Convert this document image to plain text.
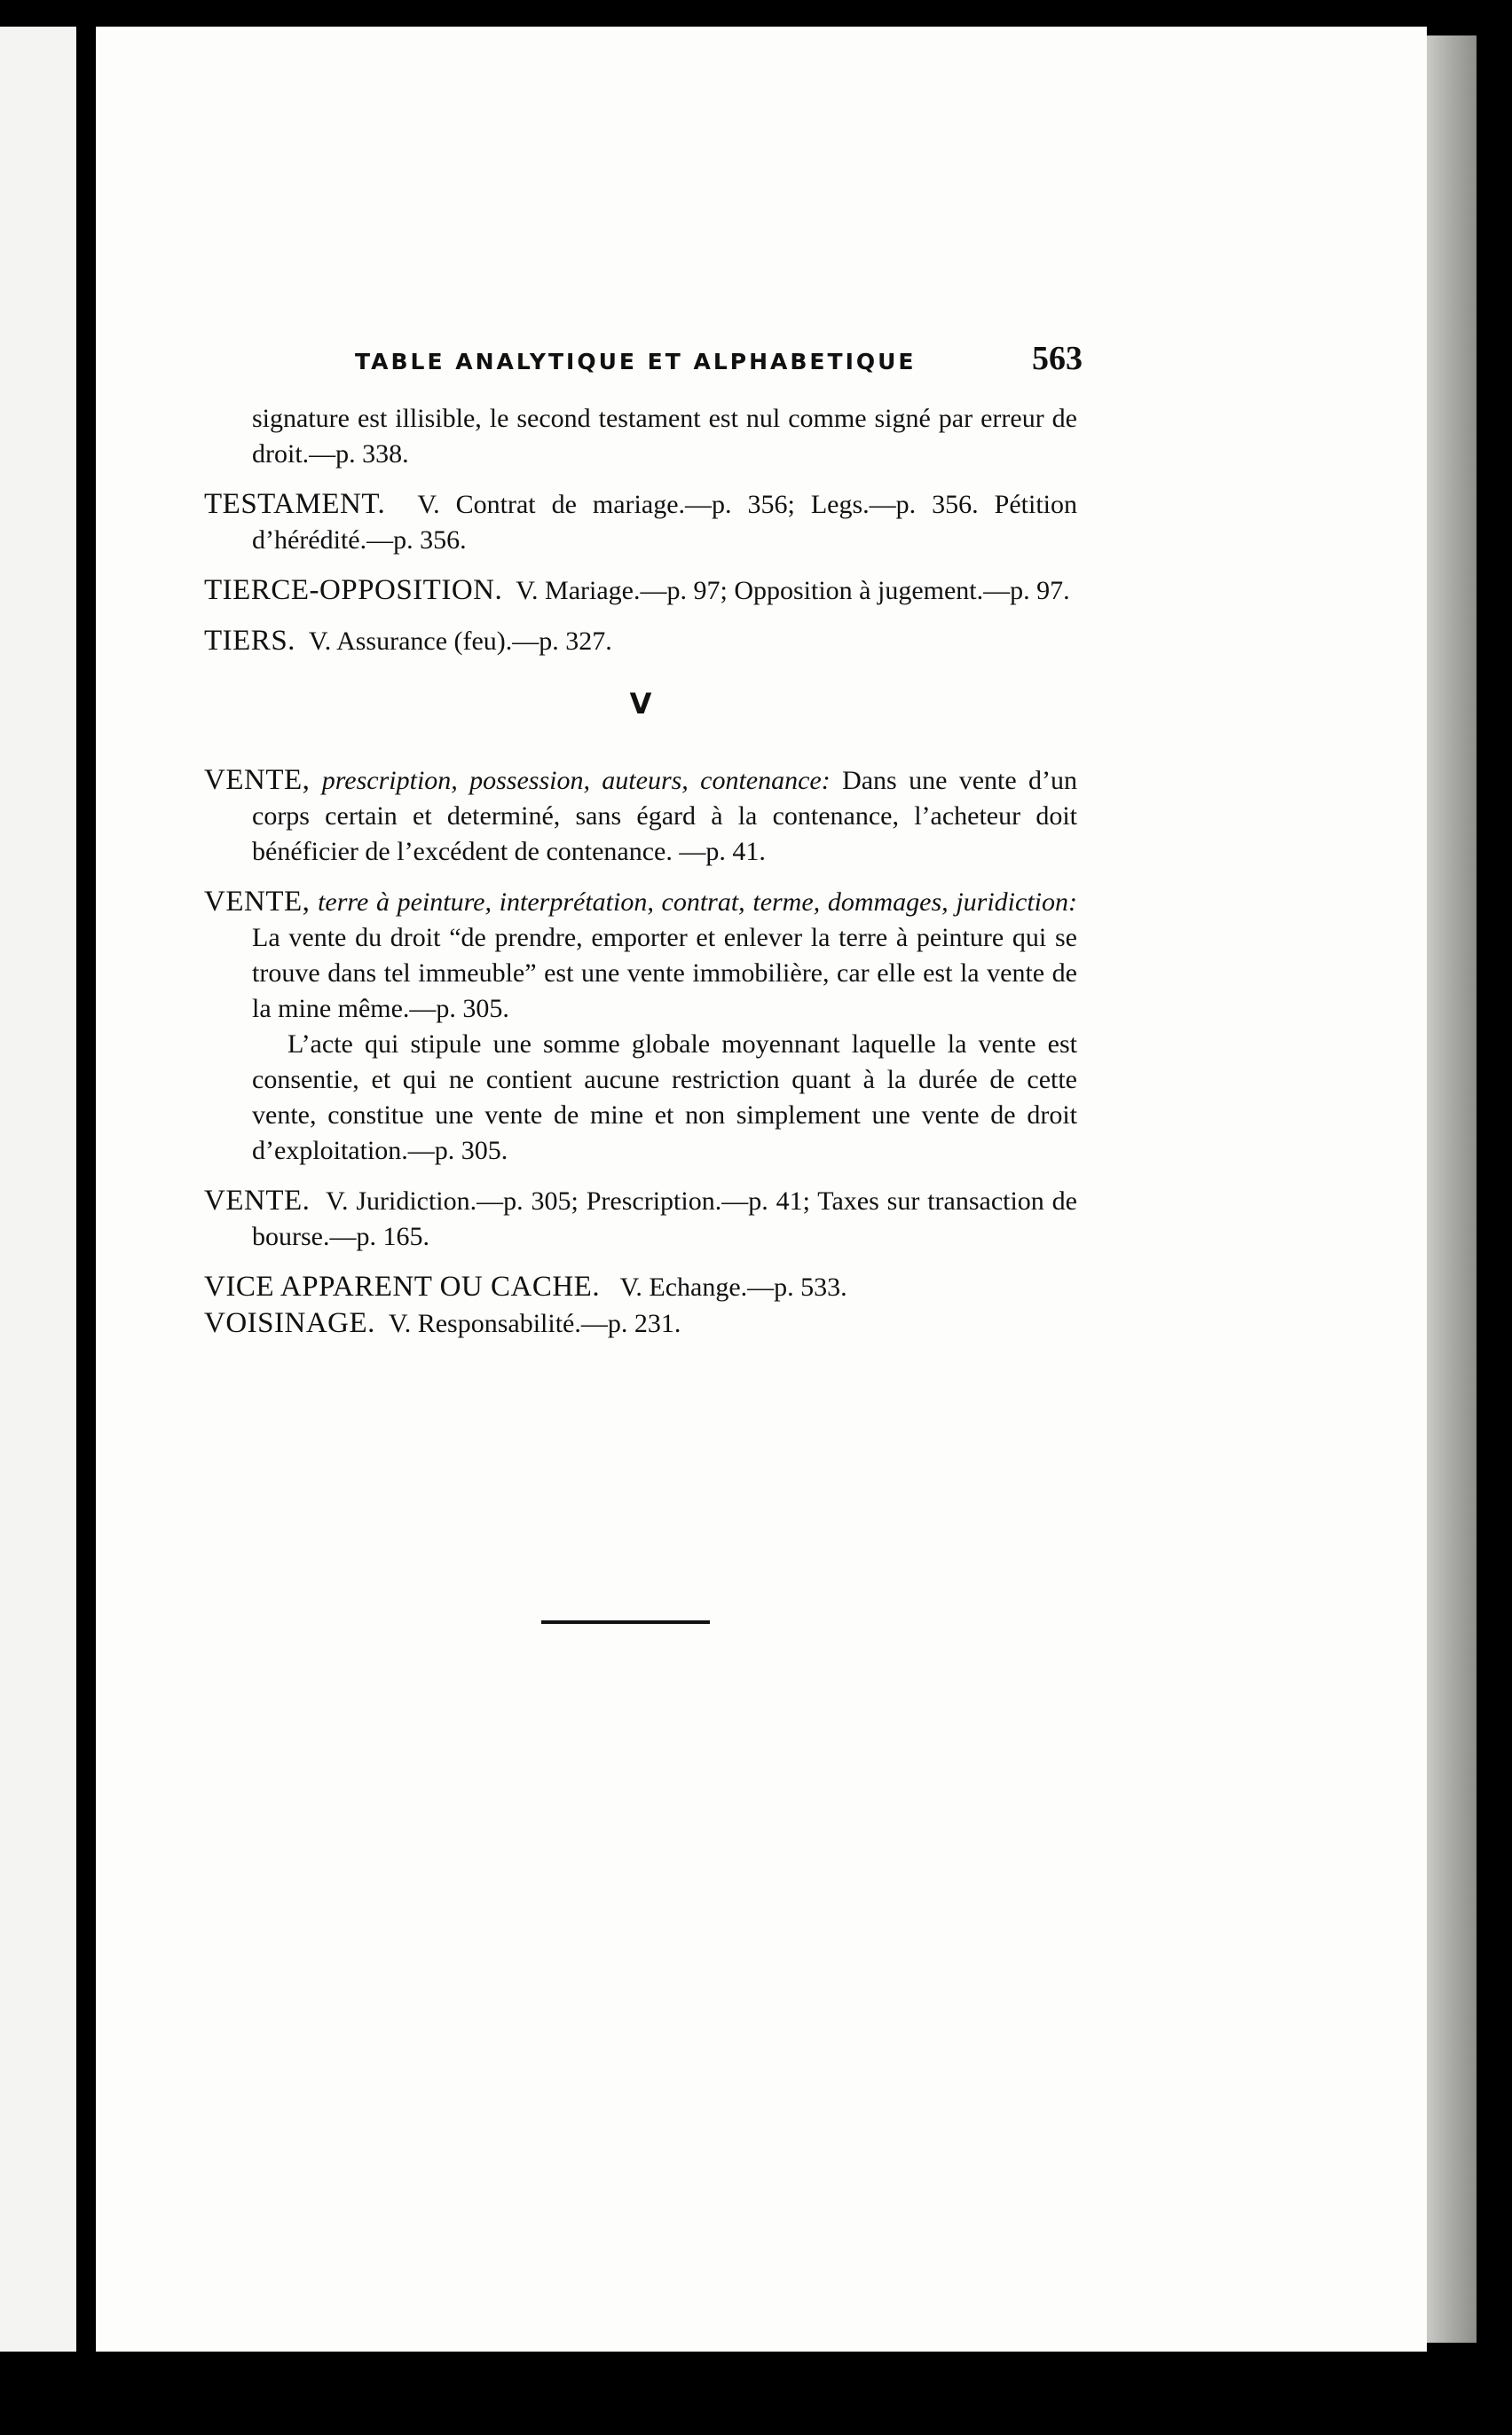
TABLE ANALYTIQUE ET ALPHABETIQUE	563

signature est illisible, le second testament est nul comme signé par erreur de droit.—p. 338.

TESTAMENT. V. Contrat de mariage.—p. 356; Legs.—p. 356. Pétition d’hérédité.—p. 356.

TIERCE-OPPOSITION. V. Mariage.—p. 97; Opposition à jugement.—p. 97.

TIERS. V. Assurance (feu).—p. 327.

V
VENTE, prescription, possession, auteurs, contenance: Dans une vente d’un corps certain et determiné, sans égard à la contenance, l’acheteur doit bénéficier de l’excédent de contenance. —p. 41.
VENTE, terre à peinture, interprétation, contrat, terme, dommages, juridiction: La vente du droit “de prendre, emporter et enlever la terre à peinture qui se trouve dans tel immeuble” est une vente immobilière, car elle est la vente de la mine même.—p. 305.

L’acte qui stipule une somme globale moyennant laquelle la vente est consentie, et qui ne contient aucune restriction quant à la durée de cette vente, constitue une vente de mine et non simplement une vente de droit d’exploitation.—p. 305.

VENTE. V. Juridiction.—p. 305; Prescription.—p. 41; Taxes sur transaction de bourse.—p. 165.
VICE APPARENT OU CACHE. V. Echange.—p. 533.
VOISINAGE. V. Responsabilité.—p. 231.
